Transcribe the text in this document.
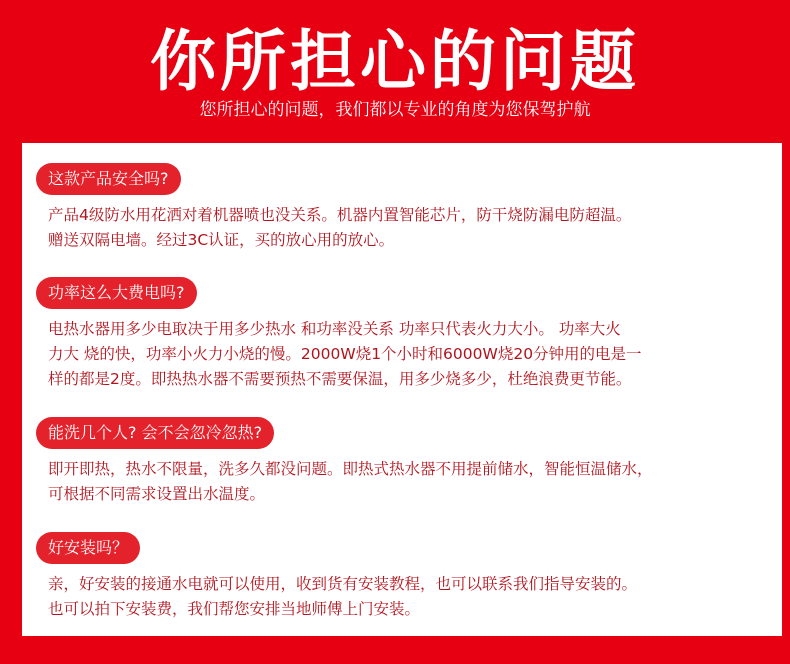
你所担心的问题
您所担心的问题，我们都以专业的角度为您保驾护航
这款产品安全吗?
产品4级防水用花洒对着机器喷也没关系。机器内置智能芯片，防干烧防漏电防超温。
赠送双隔电墙。经过3C认证，买的放心用的放心。
功率这么大费电吗?
电热水器用多少电取决于用多少热水 和功率没关系 功率只代表火力大小。 功率大火
力大 烧的快，功率小火力小烧的慢。2000W烧1个小时和6000W烧20分钟用的电是一
样的都是2度。即热热水器不需要预热不需要保温，用多少烧多少，杜绝浪费更节能。
能洗几个人? 会不会忽冷忽热?
即开即热，热水不限量，洗多久都没问题。即热式热水器不用提前储水，智能恒温储水，
可根据不同需求设置出水温度。
好安装吗？
亲，好安装的接通水电就可以使用，收到货有安装教程，也可以联系我们指导安装的。
也可以拍下安装费，我们帮您安排当地师傅上门安装。
